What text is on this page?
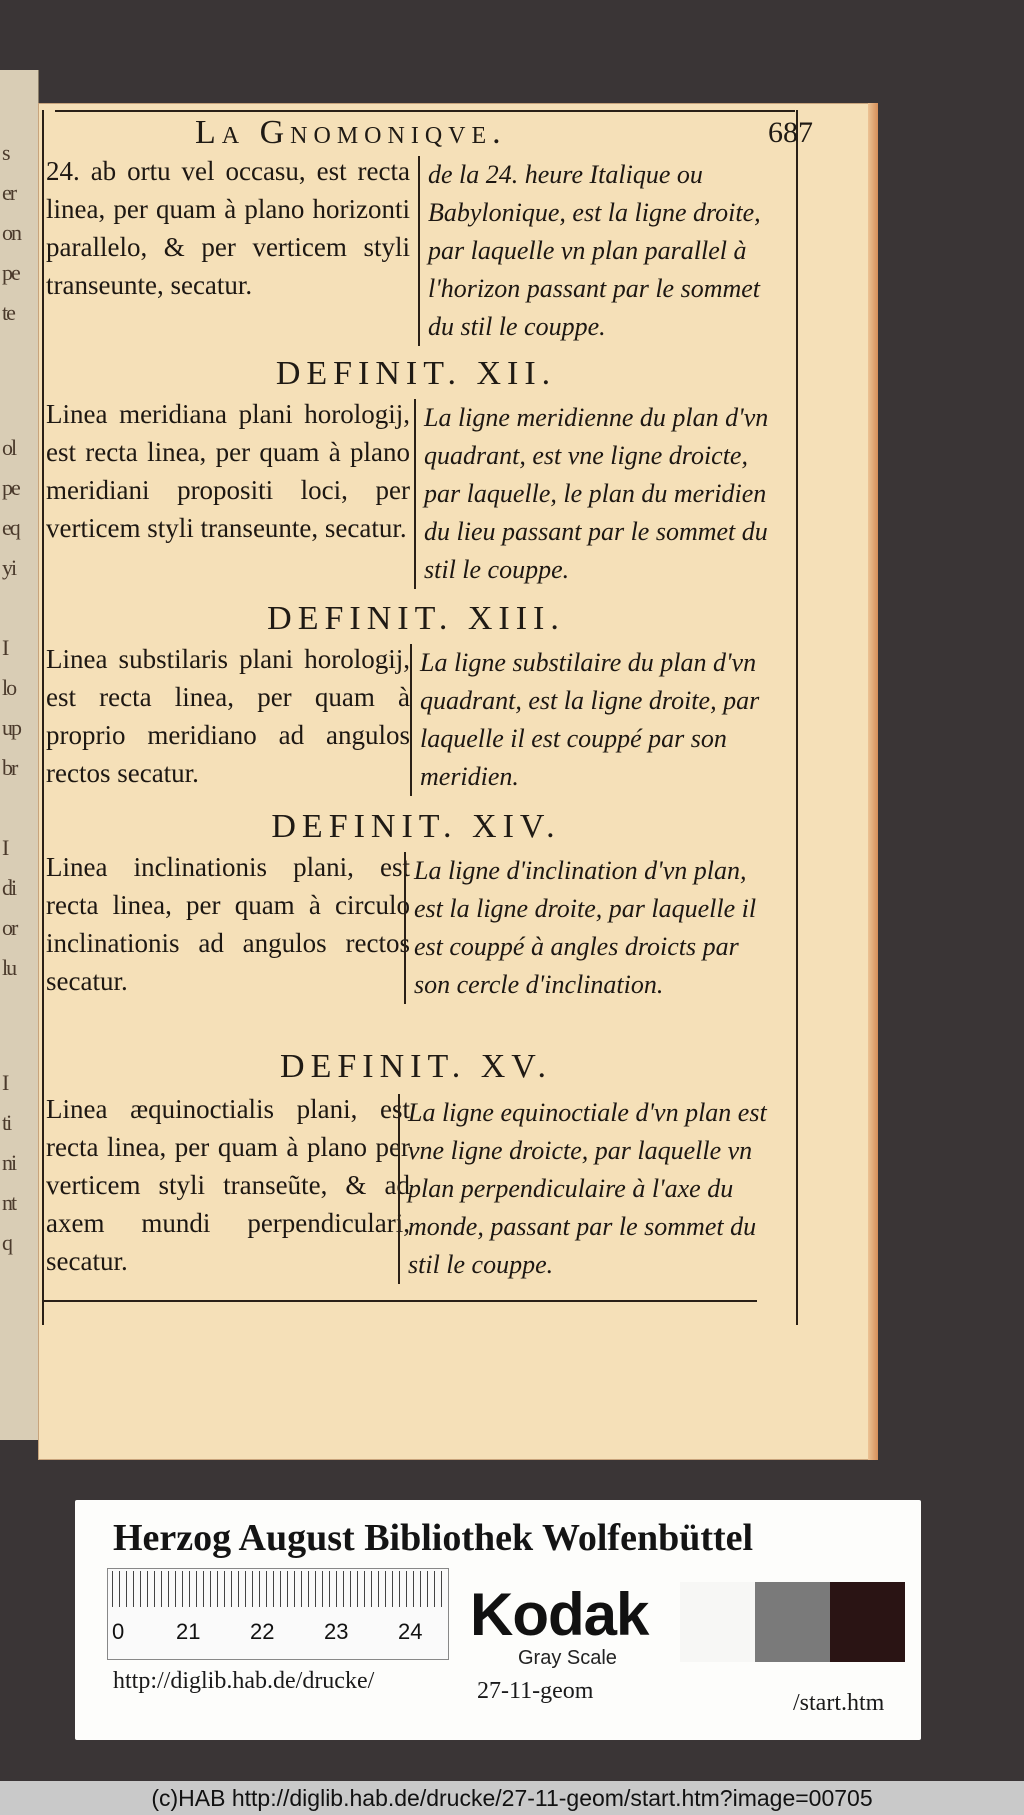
s
er
on
pe
te
ol
pe
eq
yi
I
lo
up
br
I
di
or
lu
I
ti
ni
nt
q
La Gnomoniqve.	687
24. ab ortu vel occasu, est recta linea, per quam à plano horizonti parallelo, & per verticem styli transeunte, secatur.
de la 24. heure Italique ou Babylonique, est la ligne droite, par laquelle vn plan parallel à l'horizon passant par le sommet du stil le couppe.
DEFINIT. XII.
Linea meridiana plani horologij, est recta linea, per quam à plano meridiani propositi loci, per verticem styli transeunte, secatur.
La ligne meridienne du plan d'vn quadrant, est vne ligne droicte, par laquelle, le plan du meridien du lieu passant par le sommet du stil le couppe.
DEFINIT. XIII.
Linea substilaris plani horologij, est recta linea, per quam à proprio meridiano ad angulos rectos secatur.
La ligne substilaire du plan d'vn quadrant, est la ligne droite, par laquelle il est couppé par son meridien.
DEFINIT. XIV.
Linea inclinationis plani, est recta linea, per quam à circulo inclinationis ad angulos rectos secatur.
La ligne d'inclination d'vn plan, est la ligne droite, par laquelle il est couppé à angles droicts par son cercle d'inclination.
DEFINIT. XV.
Linea æquinoctialis plani, est recta linea, per quam à plano per verticem styli transeũte, & ad axem mundi perpendiculari, secatur.
La ligne equinoctiale d'vn plan est vne ligne droicte, par laquelle vn plan perpendiculaire à l'axe du monde, passant par le sommet du stil le couppe.
Herzog August Bibliothek Wolfenbüttel
0 21 22 23 24 Kodak
Gray Scale
http://diglib.hab.de/drucke/	27-11-geom	/start.htm
(c)HAB http://diglib.hab.de/drucke/27-11-geom/start.htm?image=00705
